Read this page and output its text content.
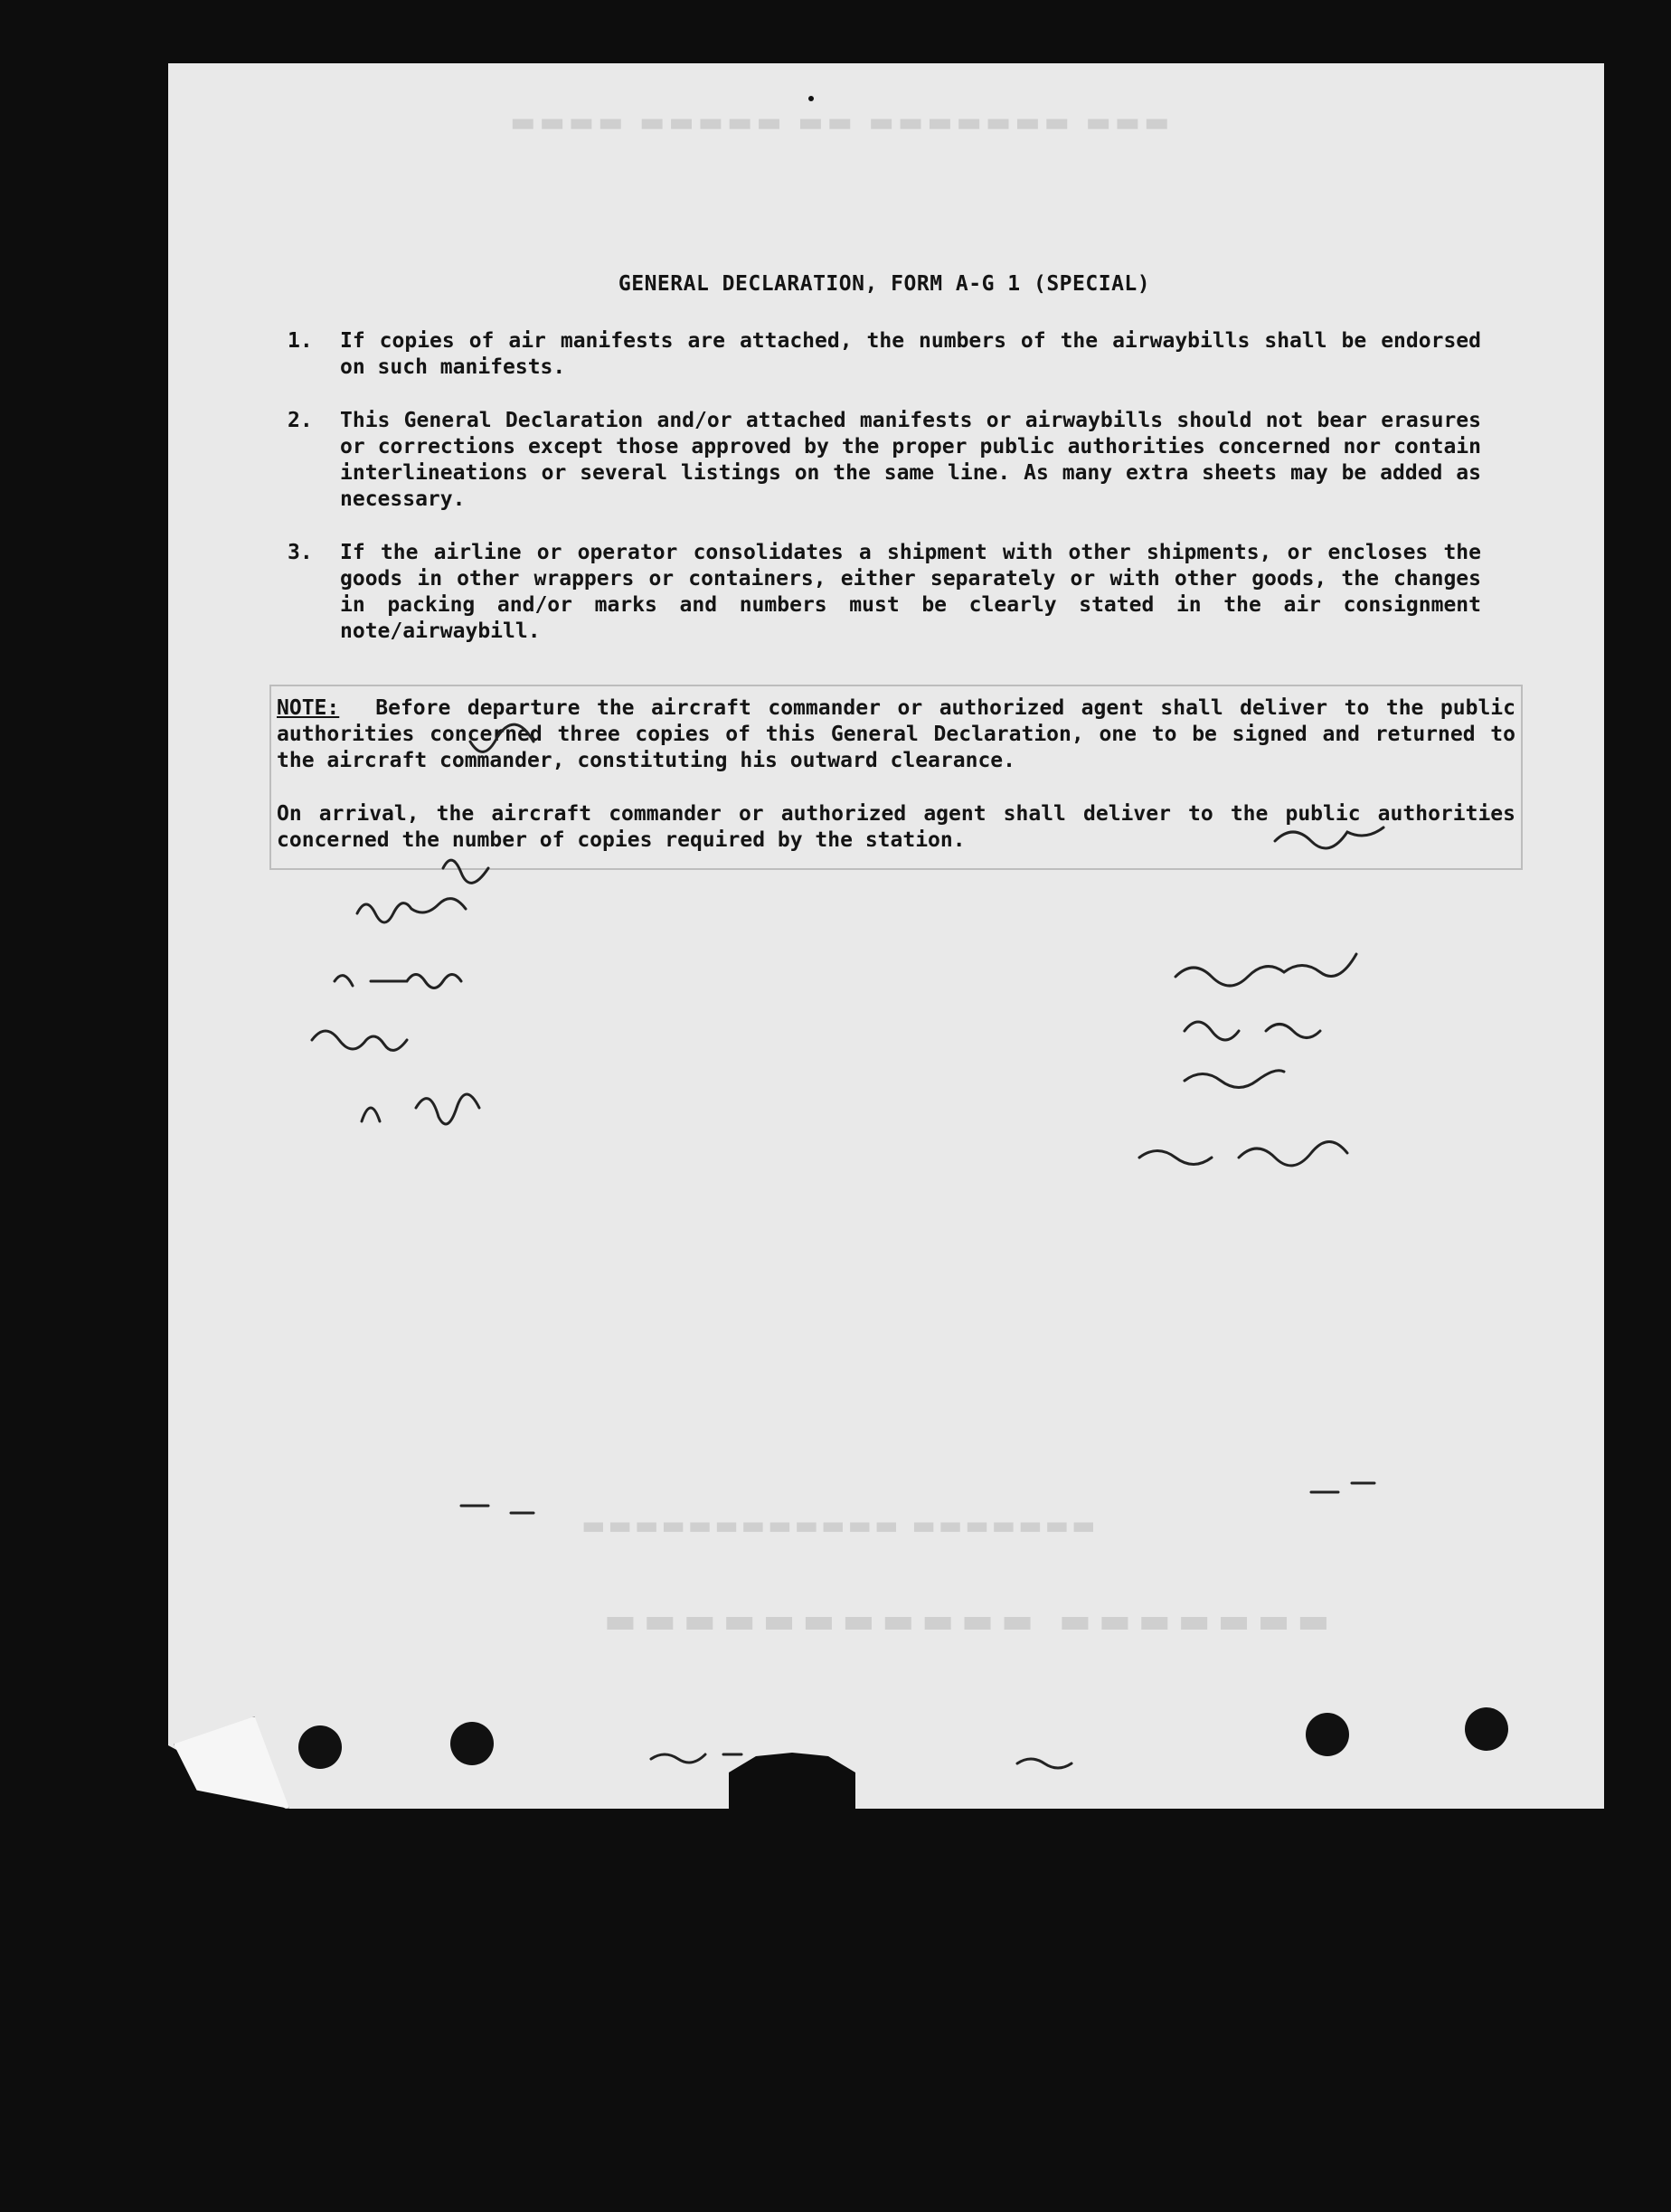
▬▬▬ ▬▬▬▬▬▬▬ ▬▬ ▬▬▬▬▬ ▬▬▬▬
▬▬▬▬▬▬▬ ▬▬▬▬▬▬▬▬▬▬▬▬
▬▬▬▬▬▬▬ ▬▬▬▬▬▬▬▬▬▬▬
GENERAL DECLARATION, FORM A-G 1 (SPECIAL)
1.	If copies of air manifests are attached, the numbers of the airwaybills shall be endorsed on such manifests.
2.	This General Declaration and/or attached manifests or airwaybills should not bear erasures or corrections except those approved by the proper public authorities concerned nor contain interlineations or several listings on the same line. As many extra sheets may be added as necessary.
3.	If the airline or operator consolidates a shipment with other shipments, or encloses the goods in other wrappers or containers, either separately or with other goods, the changes in packing and/or marks and numbers must be clearly stated in the air consignment note/airwaybill.

NOTE: Before departure the aircraft commander or authorized agent shall deliver to the public authorities concerned three copies of this General Declaration, one to be signed and returned to the aircraft commander, constituting his outward clearance.

On arrival, the aircraft commander or authorized agent shall deliver to the public authorities concerned the number of copies required by the station.
